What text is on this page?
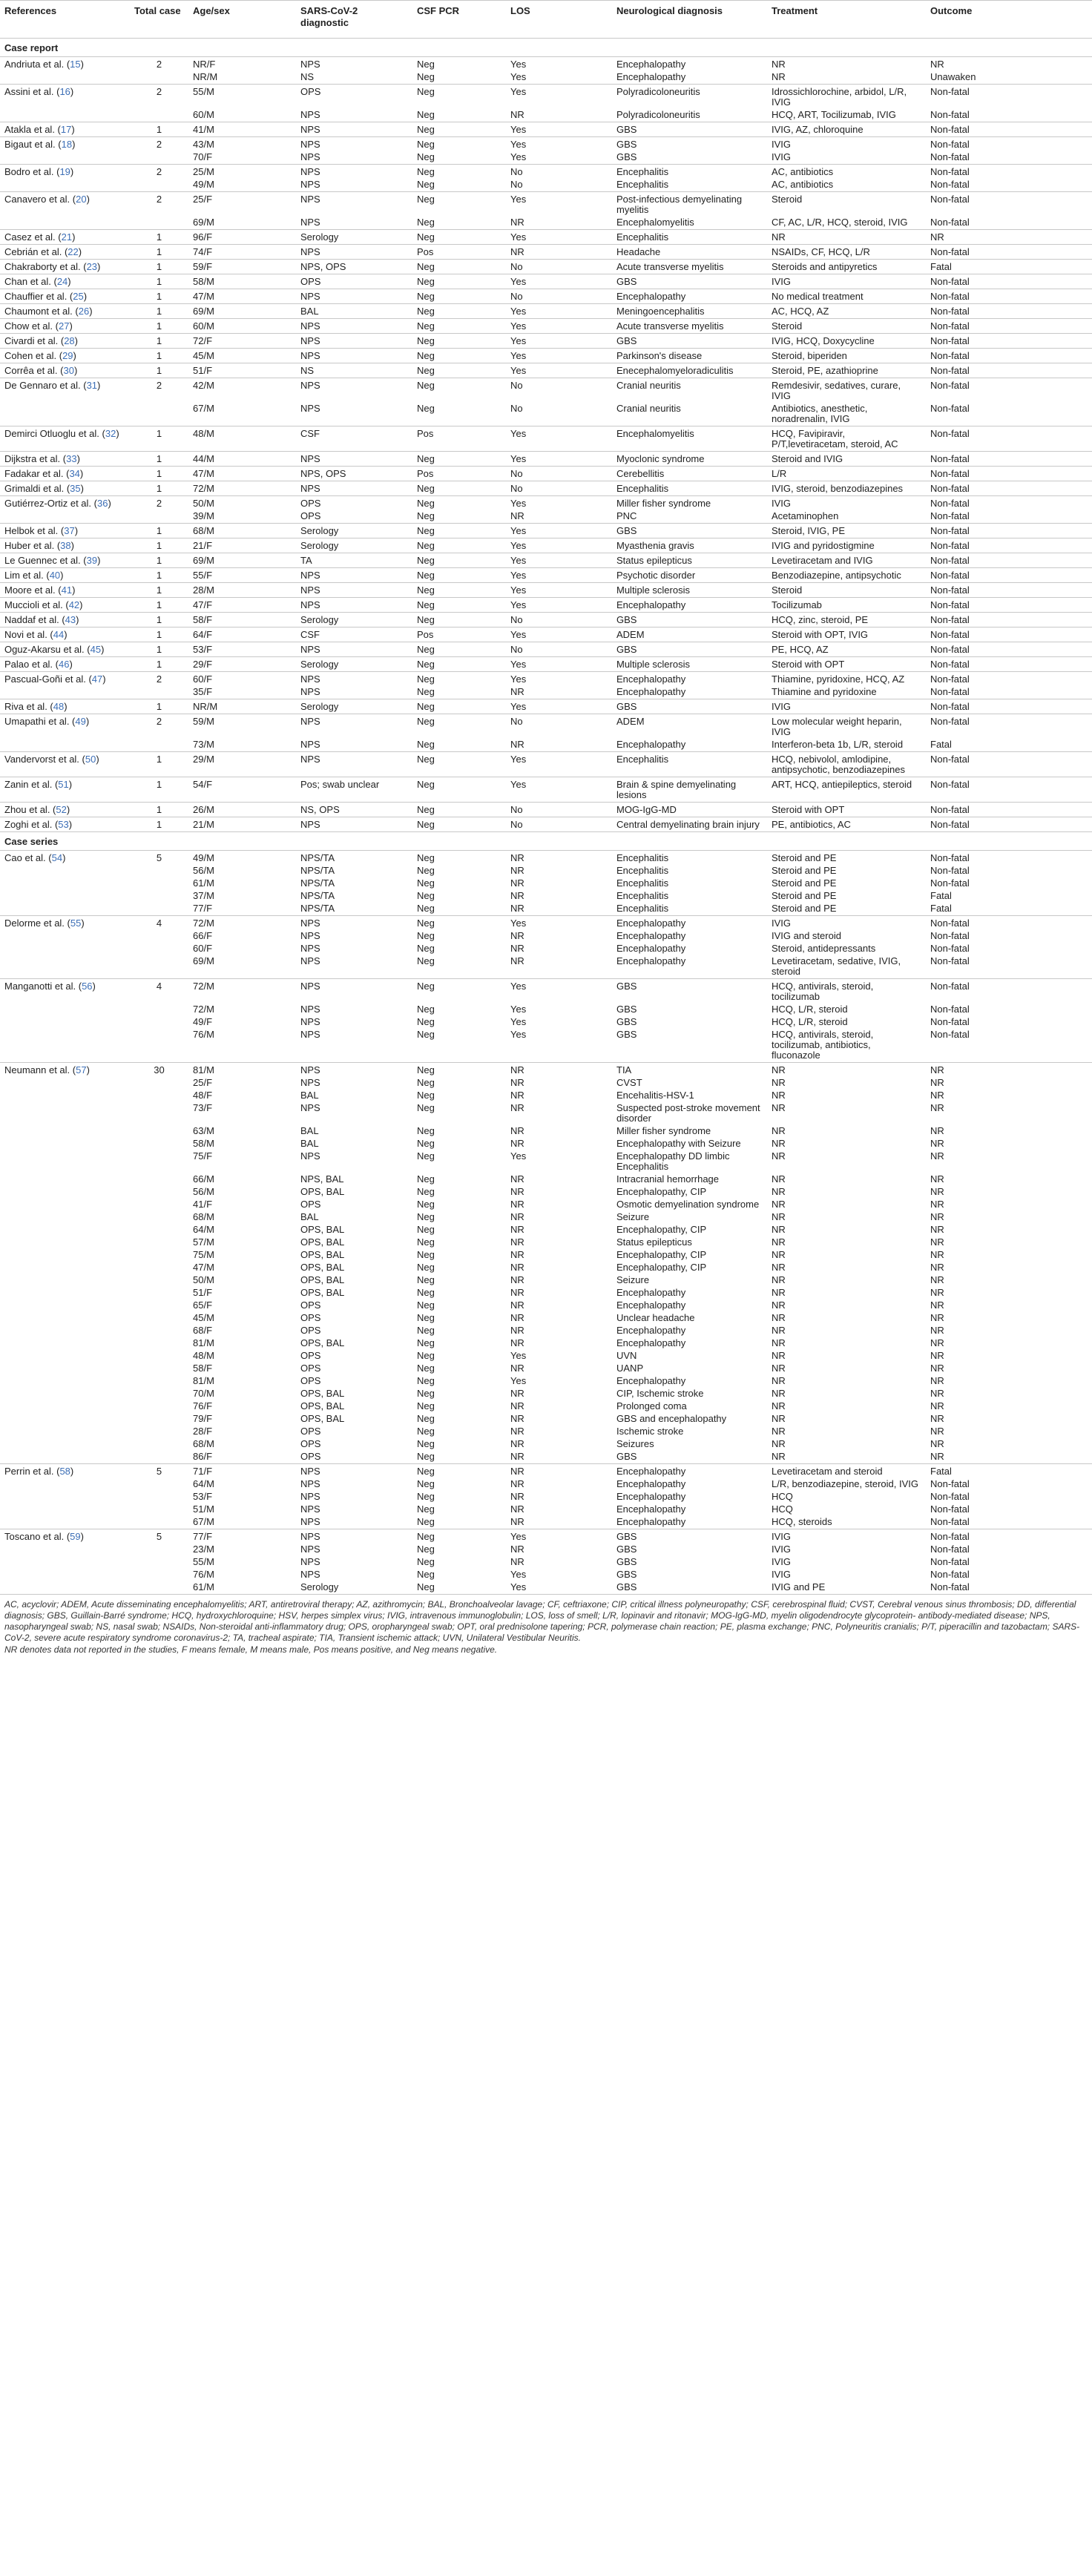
References	Total case	Age/sex	SARS-CoV-2 diagnostic	CSF PCR	LOS	Neurological diagnosis	Treatment	Outcome
Case report								
Andriuta et al. (15)	2	NR/F	NPS	Neg	Yes	Encephalopathy	NR	NR
		NR/M	NS	Neg	Yes	Encephalopathy	NR	Unawaken
Assini et al. (16)	2	55/M	OPS	Neg	Yes	Polyradicoloneuritis	Idrossichlorochine, arbidol, L/R, IVIG	Non-fatal
		60/M	NPS	Neg	NR	Polyradicoloneuritis	HCQ, ART, Tocilizumab, IVIG	Non-fatal
Atakla et al. (17)	1	41/M	NPS	Neg	Yes	GBS	IVIG, AZ, chloroquine	Non-fatal
Bigaut et al. (18)	2	43/M	NPS	Neg	Yes	GBS	IVIG	Non-fatal
		70/F	NPS	Neg	Yes	GBS	IVIG	Non-fatal
Bodro et al. (19)	2	25/M	NPS	Neg	No	Encephalitis	AC, antibiotics	Non-fatal
		49/M	NPS	Neg	No	Encephalitis	AC, antibiotics	Non-fatal
Canavero et al. (20)	2	25/F	NPS	Neg	Yes	Post-infectious demyelinating myelitis	Steroid	Non-fatal
		69/M	NPS	Neg	NR	Encephalomyelitis	CF, AC, L/R, HCQ, steroid, IVIG	Non-fatal
Casez et al. (21)	1	96/F	Serology	Neg	Yes	Encephalitis	NR	NR
Cebrián et al. (22)	1	74/F	NPS	Pos	NR	Headache	NSAIDs, CF, HCQ, L/R	Non-fatal
Chakraborty et al. (23)	1	59/F	NPS, OPS	Neg	No	Acute transverse myelitis	Steroids and antipyretics	Fatal
Chan et al. (24)	1	58/M	OPS	Neg	Yes	GBS	IVIG	Non-fatal
Chauffier et al. (25)	1	47/M	NPS	Neg	No	Encephalopathy	No medical treatment	Non-fatal
Chaumont et al. (26)	1	69/M	BAL	Neg	Yes	Meningoencephalitis	AC, HCQ, AZ	Non-fatal
Chow et al. (27)	1	60/M	NPS	Neg	Yes	Acute transverse myelitis	Steroid	Non-fatal
Civardi et al. (28)	1	72/F	NPS	Neg	Yes	GBS	IVIG, HCQ, Doxycycline	Non-fatal
Cohen et al. (29)	1	45/M	NPS	Neg	Yes	Parkinson's disease	Steroid, biperiden	Non-fatal
Corrêa et al. (30)	1	51/F	NS	Neg	Yes	Enecephalomyeloradiculitis	Steroid, PE, azathioprine	Non-fatal
De Gennaro et al. (31)	2	42/M	NPS	Neg	No	Cranial neuritis	Remdesivir, sedatives, curare, IVIG	Non-fatal
		67/M	NPS	Neg	No	Cranial neuritis	Antibiotics, anesthetic, noradrenalin, IVIG	Non-fatal
Demirci Otluoglu et al. (32)	1	48/M	CSF	Pos	Yes	Encephalomyelitis	HCQ, Favipiravir, P/T,levetiracetam, steroid, AC	Non-fatal
Dijkstra et al. (33)	1	44/M	NPS	Neg	Yes	Myoclonic syndrome	Steroid and IVIG	Non-fatal
Fadakar et al. (34)	1	47/M	NPS, OPS	Pos	No	Cerebellitis	L/R	Non-fatal
Grimaldi et al. (35)	1	72/M	NPS	Neg	No	Encephalitis	IVIG, steroid, benzodiazepines	Non-fatal
Gutiérrez-Ortiz et al. (36)	2	50/M	OPS	Neg	Yes	Miller fisher syndrome	IVIG	Non-fatal
		39/M	OPS	Neg	NR	PNC	Acetaminophen	Non-fatal
Helbok et al. (37)	1	68/M	Serology	Neg	Yes	GBS	Steroid, IVIG, PE	Non-fatal
Huber et al. (38)	1	21/F	Serology	Neg	Yes	Myasthenia gravis	IVIG and pyridostigmine	Non-fatal
Le Guennec et al. (39)	1	69/M	TA	Neg	Yes	Status epilepticus	Levetiracetam and IVIG	Non-fatal
Lim et al. (40)	1	55/F	NPS	Neg	Yes	Psychotic disorder	Benzodiazepine, antipsychotic	Non-fatal
Moore et al. (41)	1	28/M	NPS	Neg	Yes	Multiple sclerosis	Steroid	Non-fatal
Muccioli et al. (42)	1	47/F	NPS	Neg	Yes	Encephalopathy	Tocilizumab	Non-fatal
Naddaf et al. (43)	1	58/F	Serology	Neg	No	GBS	HCQ, zinc, steroid, PE	Non-fatal
Novi et al. (44)	1	64/F	CSF	Pos	Yes	ADEM	Steroid with OPT, IVIG	Non-fatal
Oguz-Akarsu et al. (45)	1	53/F	NPS	Neg	No	GBS	PE, HCQ, AZ	Non-fatal
Palao et al. (46)	1	29/F	Serology	Neg	Yes	Multiple sclerosis	Steroid with OPT	Non-fatal
Pascual-Goñi et al. (47)	2	60/F	NPS	Neg	Yes	Encephalopathy	Thiamine, pyridoxine, HCQ, AZ	Non-fatal
		35/F	NPS	Neg	NR	Encephalopathy	Thiamine and pyridoxine	Non-fatal
Riva et al. (48)	1	NR/M	Serology	Neg	Yes	GBS	IVIG	Non-fatal
Umapathi et al. (49)	2	59/M	NPS	Neg	No	ADEM	Low molecular weight heparin, IVIG	Non-fatal
		73/M	NPS	Neg	NR	Encephalopathy	Interferon-beta 1b, L/R, steroid	Fatal
Vandervorst et al. (50)	1	29/M	NPS	Neg	Yes	Encephalitis	HCQ, nebivolol, amlodipine, antipsychotic, benzodiazepines	Non-fatal
Zanin et al. (51)	1	54/F	Pos; swab unclear	Neg	Yes	Brain & spine demyelinating lesions	ART, HCQ, antiepileptics, steroid	Non-fatal
Zhou et al. (52)	1	26/M	NS, OPS	Neg	No	MOG-IgG-MD	Steroid with OPT	Non-fatal
Zoghi et al. (53)	1	21/M	NPS	Neg	No	Central demyelinating brain injury	PE, antibiotics, AC	Non-fatal
Case series								
Cao et al. (54)	5	49/M	NPS/TA	Neg	NR	Encephalitis	Steroid and PE	Non-fatal
		56/M	NPS/TA	Neg	NR	Encephalitis	Steroid and PE	Non-fatal
		61/M	NPS/TA	Neg	NR	Encephalitis	Steroid and PE	Non-fatal
		37/M	NPS/TA	Neg	NR	Encephalitis	Steroid and PE	Fatal
		77/F	NPS/TA	Neg	NR	Encephalitis	Steroid and PE	Fatal
Delorme et al. (55)	4	72/M	NPS	Neg	Yes	Encephalopathy	IVIG	Non-fatal
		66/F	NPS	Neg	NR	Encephalopathy	IVIG and steroid	Non-fatal
		60/F	NPS	Neg	NR	Encephalopathy	Steroid, antidepressants	Non-fatal
		69/M	NPS	Neg	NR	Encephalopathy	Levetiracetam, sedative, IVIG, steroid	Non-fatal
Manganotti et al. (56)	4	72/M	NPS	Neg	Yes	GBS	HCQ, antivirals, steroid, tocilizumab	Non-fatal
		72/M	NPS	Neg	Yes	GBS	HCQ, L/R, steroid	Non-fatal
		49/F	NPS	Neg	Yes	GBS	HCQ, L/R, steroid	Non-fatal
		76/M	NPS	Neg	Yes	GBS	HCQ, antivirals, steroid, tocilizumab, antibiotics, fluconazole	Non-fatal
Neumann et al. (57)	30	81/M	NPS	Neg	NR	TIA	NR	NR
		25/F	NPS	Neg	NR	CVST	NR	NR
		48/F	BAL	Neg	NR	Encehalitis-HSV-1	NR	NR
		73/F	NPS	Neg	NR	Suspected post-stroke movement disorder	NR	NR
		63/M	BAL	Neg	NR	Miller fisher syndrome	NR	NR
		58/M	BAL	Neg	NR	Encephalopathy with Seizure	NR	NR
		75/F	NPS	Neg	Yes	Encephalopathy DD limbic Encephalitis	NR	NR
		66/M	NPS, BAL	Neg	NR	Intracranial hemorrhage	NR	NR
		56/M	OPS, BAL	Neg	NR	Encephalopathy, CIP	NR	NR
		41/F	OPS	Neg	NR	Osmotic demyelination syndrome	NR	NR
		68/M	BAL	Neg	NR	Seizure	NR	NR
		64/M	OPS, BAL	Neg	NR	Encephalopathy, CIP	NR	NR
		57/M	OPS, BAL	Neg	NR	Status epilepticus	NR	NR
		75/M	OPS, BAL	Neg	NR	Encephalopathy, CIP	NR	NR
		47/M	OPS, BAL	Neg	NR	Encephalopathy, CIP	NR	NR
		50/M	OPS, BAL	Neg	NR	Seizure	NR	NR
		51/F	OPS, BAL	Neg	NR	Encephalopathy	NR	NR
		65/F	OPS	Neg	NR	Encephalopathy	NR	NR
		45/M	OPS	Neg	NR	Unclear headache	NR	NR
		68/F	OPS	Neg	NR	Encephalopathy	NR	NR
		81/M	OPS, BAL	Neg	NR	Encephalopathy	NR	NR
		48/M	OPS	Neg	Yes	UVN	NR	NR
		58/F	OPS	Neg	NR	UANP	NR	NR
		81/M	OPS	Neg	Yes	Encephalopathy	NR	NR
		70/M	OPS, BAL	Neg	NR	CIP, Ischemic stroke	NR	NR
		76/F	OPS, BAL	Neg	NR	Prolonged coma	NR	NR
		79/F	OPS, BAL	Neg	NR	GBS and encephalopathy	NR	NR
		28/F	OPS	Neg	NR	Ischemic stroke	NR	NR
		68/M	OPS	Neg	NR	Seizures	NR	NR
		86/F	OPS	Neg	NR	GBS	NR	NR
Perrin et al. (58)	5	71/F	NPS	Neg	NR	Encephalopathy	Levetiracetam and steroid	Fatal
		64/M	NPS	Neg	NR	Encephalopathy	L/R, benzodiazepine, steroid, IVIG	Non-fatal
		53/F	NPS	Neg	NR	Encephalopathy	HCQ	Non-fatal
		51/M	NPS	Neg	NR	Encephalopathy	HCQ	Non-fatal
		67/M	NPS	Neg	NR	Encephalopathy	HCQ, steroids	Non-fatal
Toscano et al. (59)	5	77/F	NPS	Neg	Yes	GBS	IVIG	Non-fatal
		23/M	NPS	Neg	NR	GBS	IVIG	Non-fatal
		55/M	NPS	Neg	NR	GBS	IVIG	Non-fatal
		76/M	NPS	Neg	Yes	GBS	IVIG	Non-fatal
		61/M	Serology	Neg	Yes	GBS	IVIG and PE	Non-fatal

AC, acyclovir; ADEM, Acute disseminating encephalomyelitis; ART, antiretroviral therapy; AZ, azithromycin; BAL, Bronchoalveolar lavage; CF, ceftriaxone; CIP, critical illness polyneuropathy; CSF, cerebrospinal fluid; CVST, Cerebral venous sinus thrombosis; DD, differential diagnosis; GBS, Guillain-Barré syndrome; HCQ, hydroxychloroquine; HSV, herpes simplex virus; IVIG, intravenous immunoglobulin; LOS, loss of smell; L/R, lopinavir and ritonavir; MOG-IgG-MD, myelin oligodendrocyte glycoprotein- antibody-mediated disease; NPS, nasopharyngeal swab; NS, nasal swab; NSAIDs, Non-steroidal anti-inflammatory drug; OPS, oropharyngeal swab; OPT, oral prednisolone tapering; PCR, polymerase chain reaction; PE, plasma exchange; PNC, Polyneuritis cranialis; P/T, piperacillin and tazobactam; SARS-CoV-2, severe acute respiratory syndrome coronavirus-2; TA, tracheal aspirate; TIA, Transient ischemic attack; UVN, Unilateral Vestibular Neuritis.

NR denotes data not reported in the studies, F means female, M means male, Pos means positive, and Neg means negative.
